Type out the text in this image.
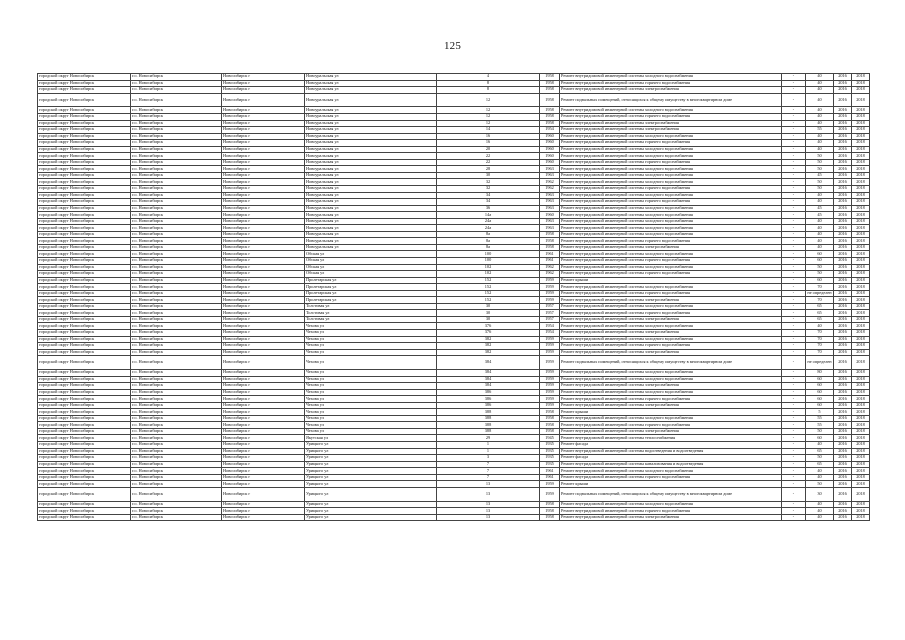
125
городской округ Новосибирск	г.о. Новосибирск	Новосибирск г	Новоуральская ул	4	1958	Ремонт внутридомовой инженерной системы холодного водоснабжения	-	40	2016	2018
городской округ Новосибирск	г.о. Новосибирск	Новосибирск г	Новоуральская ул	8	1958	Ремонт внутридомовой инженерной системы горячего водоснабжения	-	40	2016	2018
городской округ Новосибирск	г.о. Новосибирск	Новосибирск г	Новоуральская ул	8	1958	Ремонт внутридомовой инженерной системы электроснабжения	-	40	2016	2018
городской округ Новосибирск	г.о. Новосибирск	Новосибирск г	Новоуральская ул	12	1958	Ремонт подвальных помещений, относящихся к общему имуществу в многоквартирном доме	-	40	2016	2018
городской округ Новосибирск	г.о. Новосибирск	Новосибирск г	Новоуральская ул	12	1958	Ремонт внутридомовой инженерной системы холодного водоснабжения	-	40	2016	2018
городской округ Новосибирск	г.о. Новосибирск	Новосибирск г	Новоуральская ул	12	1958	Ремонт внутридомовой инженерной системы горячего водоснабжения	-	40	2016	2018
городской округ Новосибирск	г.о. Новосибирск	Новосибирск г	Новоуральская ул	12	1958	Ремонт внутридомовой инженерной системы электроснабжения	-	40	2016	2018
городской округ Новосибирск	г.о. Новосибирск	Новосибирск г	Новоуральская ул	14	1954	Ремонт внутридомовой инженерной системы электроснабжения	-	55	2016	2018
городской округ Новосибирск	г.о. Новосибирск	Новосибирск г	Новоуральская ул	16	1960	Ремонт внутридомовой инженерной системы холодного водоснабжения	-	40	2016	2018
городской округ Новосибирск	г.о. Новосибирск	Новосибирск г	Новоуральская ул	16	1960	Ремонт внутридомовой инженерной системы горячего водоснабжения	-	40	2016	2018
городской округ Новосибирск	г.о. Новосибирск	Новосибирск г	Новоуральская ул	20	1960	Ремонт внутридомовой инженерной системы холодного водоснабжения	-	40	2016	2018
городской округ Новосибирск	г.о. Новосибирск	Новосибирск г	Новоуральская ул	22	1960	Ремонт внутридомовой инженерной системы холодного водоснабжения	-	50	2016	2018
городской округ Новосибирск	г.о. Новосибирск	Новосибирск г	Новоуральская ул	22	1960	Ремонт внутридомовой инженерной системы горячего водоснабжения	-	50	2016	2018
городской округ Новосибирск	г.о. Новосибирск	Новосибирск г	Новоуральская ул	28	1963	Ремонт внутридомовой инженерной системы холодного водоснабжения	-	50	2016	2018
городской округ Новосибирск	г.о. Новосибирск	Новосибирск г	Новоуральская ул	30	1963	Ремонт внутридомовой инженерной системы холодного водоснабжения	-	45	2016	2018
городской округ Новосибирск	г.о. Новосибирск	Новосибирск г	Новоуральская ул	32	1962	Ремонт внутридомовой инженерной системы холодного водоснабжения	-	50	2016	2018
городской округ Новосибирск	г.о. Новосибирск	Новосибирск г	Новоуральская ул	32	1962	Ремонт внутридомовой инженерной системы горячего водоснабжения	-	50	2016	2018
городской округ Новосибирск	г.о. Новосибирск	Новосибирск г	Новоуральская ул	34	1963	Ремонт внутридомовой инженерной системы холодного водоснабжения	-	40	2016	2018
городской округ Новосибирск	г.о. Новосибирск	Новосибирск г	Новоуральская ул	34	1963	Ремонт внутридомовой инженерной системы горячего водоснабжения	-	40	2016	2018
городской округ Новосибирск	г.о. Новосибирск	Новосибирск г	Новоуральская ул	36	1963	Ремонт внутридомовой инженерной системы холодного водоснабжения	-	45	2016	2018
городской округ Новосибирск	г.о. Новосибирск	Новосибирск г	Новоуральская ул	14а	1960	Ремонт внутридомовой инженерной системы холодного водоснабжения	-	45	2016	2018
городской округ Новосибирск	г.о. Новосибирск	Новосибирск г	Новоуральская ул	24а	1963	Ремонт внутридомовой инженерной системы холодного водоснабжения	-	40	2016	2018
городской округ Новосибирск	г.о. Новосибирск	Новосибирск г	Новоуральская ул	24а	1963	Ремонт внутридомовой инженерной системы холодного водоснабжения	-	40	2016	2018
городской округ Новосибирск	г.о. Новосибирск	Новосибирск г	Новоуральская ул	8а	1958	Ремонт внутридомовой инженерной системы холодного водоснабжения	-	40	2016	2018
городской округ Новосибирск	г.о. Новосибирск	Новосибирск г	Новоуральская ул	8а	1958	Ремонт внутридомовой инженерной системы горячего водоснабжения	-	40	2016	2018
городской округ Новосибирск	г.о. Новосибирск	Новосибирск г	Новоуральская ул	8а	1958	Ремонт внутридомовой инженерной системы электроснабжения	-	40	2016	2018
городской округ Новосибирск	г.о. Новосибирск	Новосибирск г	Обская ул	100	1961	Ремонт внутридомовой инженерной системы холодного водоснабжения	-	60	2016	2018
городской округ Новосибирск	г.о. Новосибирск	Новосибирск г	Обская ул	100	1961	Ремонт внутридомовой инженерной системы горячего водоснабжения	-	60	2016	2018
городской округ Новосибирск	г.о. Новосибирск	Новосибирск г	Обская ул	102	1962	Ремонт внутридомовой инженерной системы холодного водоснабжения	-	50	2016	2018
городской округ Новосибирск	г.о. Новосибирск	Новосибирск г	Обская ул	102	1962	Ремонт внутридомовой инженерной системы горячего водоснабжения	-	50	2016	2018
городской округ Новосибирск	г.о. Новосибирск	Новосибирск г	Пролетарская ул	152	1959	Ремонт крыши	-	60	2016	2018
городской округ Новосибирск	г.о. Новосибирск	Новосибирск г	Пролетарская ул	152	1959	Ремонт внутридомовой инженерной системы холодного водоснабжения	-	70	2016	2018
городской округ Новосибирск	г.о. Новосибирск	Новосибирск г	Пролетарская ул	152	1959	Ремонт внутридомовой инженерной системы горячего водоснабжения	-	не определен	2016	2018
городской округ Новосибирск	г.о. Новосибирск	Новосибирск г	Пролетарская ул	152	1959	Ремонт внутридомовой инженерной системы электроснабжения	-	70	2016	2018
городской округ Новосибирск	г.о. Новосибирск	Новосибирск г	Толстовая ул	30	1957	Ремонт внутридомовой инженерной системы холодного водоснабжения	-	65	2016	2018
городской округ Новосибирск	г.о. Новосибирск	Новосибирск г	Толстовая ул	30	1957	Ремонт внутридомовой инженерной системы горячего водоснабжения	-	65	2016	2018
городской округ Новосибирск	г.о. Новосибирск	Новосибирск г	Толстовая ул	30	1957	Ремонт внутридомовой инженерной системы электроснабжения	-	65	2016	2018
городской округ Новосибирск	г.о. Новосибирск	Новосибирск г	Чехова ул	376	1954	Ремонт внутридомовой инженерной системы холодного водоснабжения	-	40	2016	2018
городской округ Новосибирск	г.о. Новосибирск	Новосибирск г	Чехова ул	376	1954	Ремонт внутридомовой инженерной системы электроснабжения	-	70	2016	2018
городской округ Новосибирск	г.о. Новосибирск	Новосибирск г	Чехова ул	382	1959	Ремонт внутридомовой инженерной системы холодного водоснабжения	-	70	2016	2018
городской округ Новосибирск	г.о. Новосибирск	Новосибирск г	Чехова ул	382	1959	Ремонт внутридомовой инженерной системы горячего водоснабжения	-	70	2016	2018
городской округ Новосибирск	г.о. Новосибирск	Новосибирск г	Чехова ул	382	1959	Ремонт внутридомовой инженерной системы электроснабжения	-	70	2016	2018
городской округ Новосибирск	г.о. Новосибирск	Новосибирск г	Чехова ул	384	1959	Ремонт подвальных помещений, относящихся к общему имуществу в многоквартирном доме	-	не определен	2016	2018
городской округ Новосибирск	г.о. Новосибирск	Новосибирск г	Чехова ул	384	1959	Ремонт внутридомовой инженерной системы холодного водоснабжения	-	80	2016	2018
городской округ Новосибирск	г.о. Новосибирск	Новосибирск г	Чехова ул	384	1959	Ремонт внутридомовой инженерной системы холодного водоснабжения	-	60	2016	2018
городской округ Новосибирск	г.о. Новосибирск	Новосибирск г	Чехова ул	384	1959	Ремонт внутридомовой инженерной системы электроснабжения	-	60	2016	2018
городской округ Новосибирск	г.о. Новосибирск	Новосибирск г	Чехова ул	386	1959	Ремонт внутридомовой инженерной системы холодного водоснабжения	-	60	2016	2018
городской округ Новосибирск	г.о. Новосибирск	Новосибирск г	Чехова ул	386	1959	Ремонт внутридомовой инженерной системы горячего водоснабжения	-	60	2016	2018
городской округ Новосибирск	г.о. Новосибирск	Новосибирск г	Чехова ул	386	1959	Ремонт внутридомовой инженерной системы электроснабжения	-	60	2016	2018
городской округ Новосибирск	г.о. Новосибирск	Новосибирск г	Чехова ул	388	1958	Ремонт крыши	-	5	2016	2018
городской округ Новосибирск	г.о. Новосибирск	Новосибирск г	Чехова ул	388	1958	Ремонт внутридомовой инженерной системы холодного водоснабжения	-	55	2016	2018
городской округ Новосибирск	г.о. Новосибирск	Новосибирск г	Чехова ул	388	1958	Ремонт внутридомовой инженерной системы горячего водоснабжения	-	55	2016	2018
городской округ Новосибирск	г.о. Новосибирск	Новосибирск г	Чехова ул	388	1958	Ремонт внутридомовой инженерной системы электроснабжения	-	50	2016	2018
городской округ Новосибирск	г.о. Новосибирск	Новосибирск г	Якутская ул	29	1945	Ремонт внутридомовой инженерной системы теплоснабжения	-	60	2016	2018
городской округ Новосибирск	г.о. Новосибирск	Новосибирск г	Урицкого ул	1	1935	Ремонт фасада	-	40	2016	2018
городской округ Новосибирск	г.о. Новосибирск	Новосибирск г	Урицкого ул	1	1935	Ремонт внутридомовой инженерной системы водоотведения и водоотведения	-	65	2016	2018
городской округ Новосибирск	г.о. Новосибирск	Новосибирск г	Урицкого ул	3	1935	Ремонт фасада	-	50	2016	2018
городской округ Новосибирск	г.о. Новосибирск	Новосибирск г	Урицкого ул	7	1935	Ремонт внутридомовой инженерной системы канализования и водоотведения	-	65	2016	2018
городской округ Новосибирск	г.о. Новосибирск	Новосибирск г	Урицкого ул	7	1961	Ремонт внутридомовой инженерной системы холодного водоснабжения	-	40	2016	2018
городской округ Новосибирск	г.о. Новосибирск	Новосибирск г	Урицкого ул	7	1961	Ремонт внутридомовой инженерной системы горячего водоснабжения	-	40	2016	2018
городской округ Новосибирск	г.о. Новосибирск	Новосибирск г	Урицкого ул	13	1959	Ремонт крыши	-	50	2016	2018
городской округ Новосибирск	г.о. Новосибирск	Новосибирск г	Урицкого ул	13	1959	Ремонт подвальных помещений, относящихся к общему имуществу в многоквартирном доме	-	30	2016	2018
городской округ Новосибирск	г.о. Новосибирск	Новосибирск г	Урицкого ул	13	1958	Ремонт внутридомовой инженерной системы холодного водоснабжения	-	40	2016	2018
городской округ Новосибирск	г.о. Новосибирск	Новосибирск г	Урицкого ул	13	1958	Ремонт внутридомовой инженерной системы горячего водоснабжения	-	40	2016	2018
городской округ Новосибирск	г.о. Новосибирск	Новосибирск г	Урицкого ул	13	1958	Ремонт внутридомовой инженерной системы электроснабжения	-	40	2016	2018
